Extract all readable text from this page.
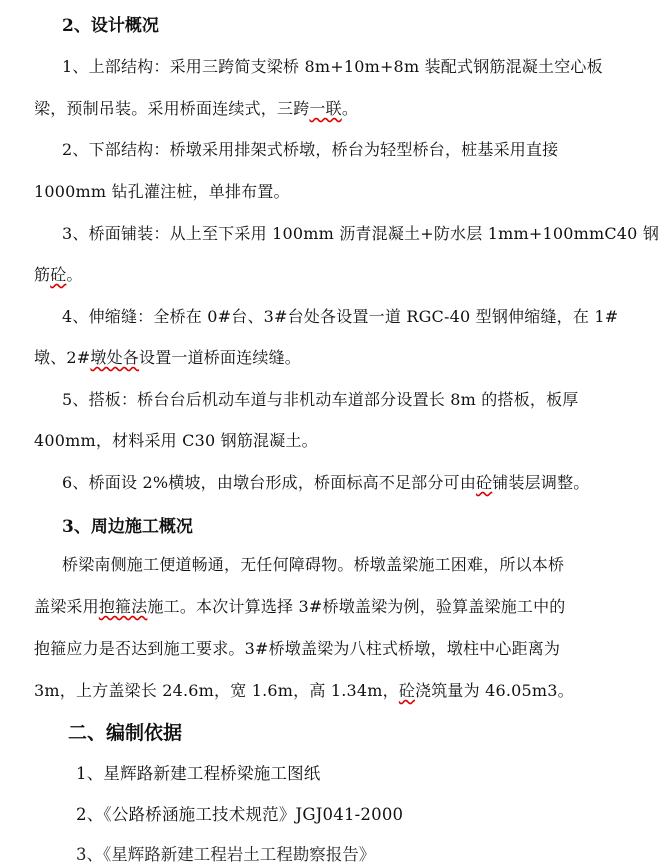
2、设计概况
1、上部结构：采用三跨简支梁桥 8m+10m+8m 装配式钢筋混凝土空心板
梁，预制吊装。采用桥面连续式，三跨一联。
2、下部结构：桥墩采用排架式桥墩，桥台为轻型桥台，桩基采用直接
1000mm 钻孔灌注桩，单排布置。
3、桥面铺装：从上至下采用 100mm 沥青混凝土+防水层 1mm+100mmC40 钢
筋砼。
4、伸缩缝：全桥在 0#台、3#台处各设置一道 RGC-40 型钢伸缩缝，在 1#
墩、2#墩处各设置一道桥面连续缝。
5、搭板：桥台台后机动车道与非机动车道部分设置长 8m 的搭板，板厚
400mm，材料采用 C30 钢筋混凝土。
6、桥面设 2%横坡，由墩台形成，桥面标高不足部分可由砼铺装层调整。
3、周边施工概况
桥梁南侧施工便道畅通，无任何障碍物。桥墩盖梁施工困难，所以本桥
盖梁采用抱箍法施工。本次计算选择 3#桥墩盖梁为例，验算盖梁施工中的
抱箍应力是否达到施工要求。3#桥墩盖梁为八柱式桥墩，墩柱中心距离为
3m，上方盖梁长 24.6m，宽 1.6m，高 1.34m，砼浇筑量为 46.05m3。
二、编制依据
1、星辉路新建工程桥梁施工图纸
2、《公路桥涵施工技术规范》JGJ041-2000
3、《星辉路新建工程岩土工程勘察报告》
